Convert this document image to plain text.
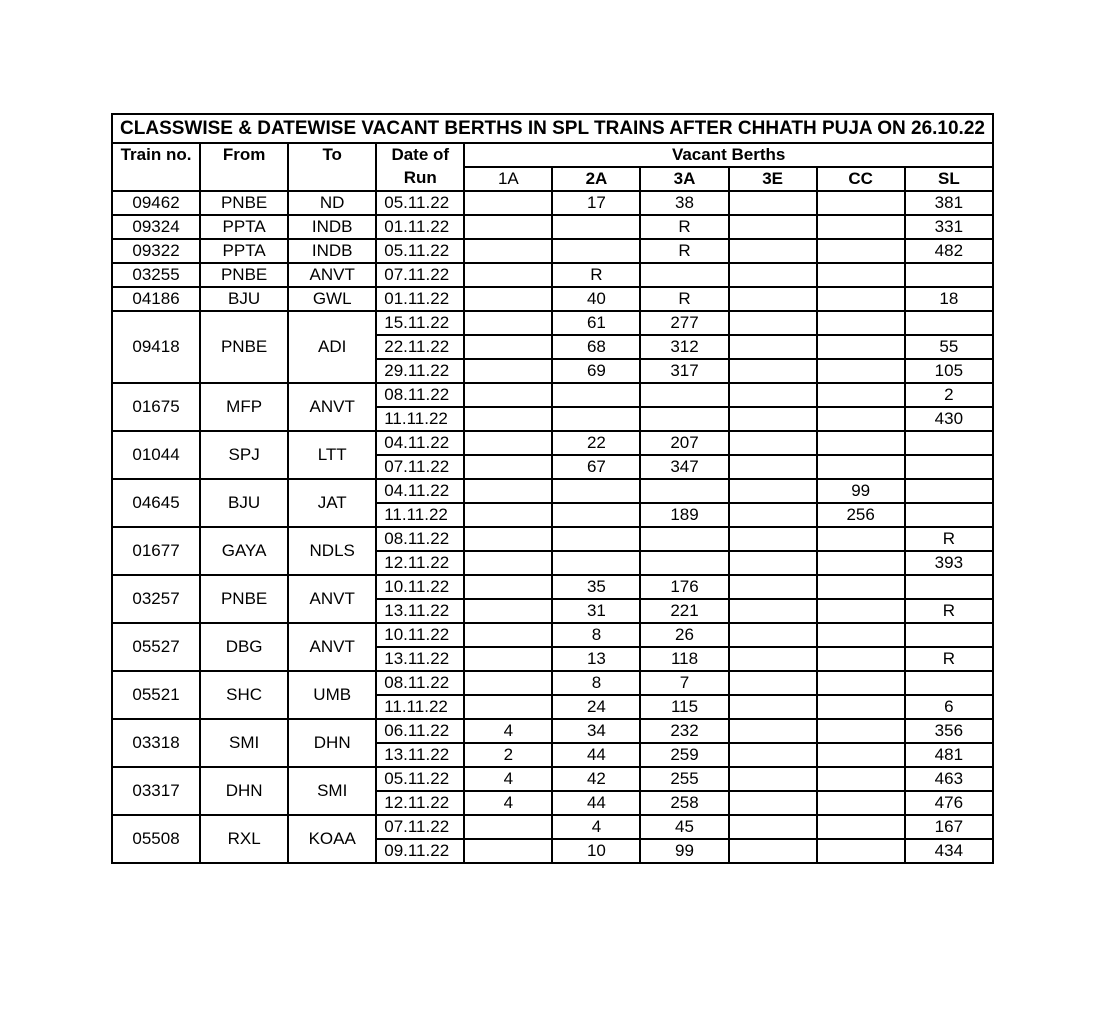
CLASSWISE & DATEWISE VACANT BERTHS IN SPL TRAINS AFTER CHHATH PUJA ON 26.10.22									
Train no.	From	To	Date of	Vacant Berths					
			Run	1A	2A	3A	3E	CC	SL
09462	PNBE	ND	05.11.22		17	38			381
09324	PPTA	INDB	01.11.22			R			331
09322	PPTA	INDB	05.11.22			R			482
03255	PNBE	ANVT	07.11.22		R				
04186	BJU	GWL	01.11.22		40	R			18
09418	PNBE	ADI	15.11.22		61	277			
			22.11.22		68	312			55
			29.11.22		69	317			105
01675	MFP	ANVT	08.11.22						2
			11.11.22						430
01044	SPJ	LTT	04.11.22		22	207			
			07.11.22		67	347			
04645	BJU	JAT	04.11.22					99	
			11.11.22			189		256	
01677	GAYA	NDLS	08.11.22						R
			12.11.22						393
03257	PNBE	ANVT	10.11.22		35	176			
			13.11.22		31	221			R
05527	DBG	ANVT	10.11.22		8	26			
			13.11.22		13	118			R
05521	SHC	UMB	08.11.22		8	7			
			11.11.22		24	115			6
03318	SMI	DHN	06.11.22	4	34	232			356
			13.11.22	2	44	259			481
03317	DHN	SMI	05.11.22	4	42	255			463
			12.11.22	4	44	258			476
05508	RXL	KOAA	07.11.22		4	45			167
			09.11.22		10	99			434
